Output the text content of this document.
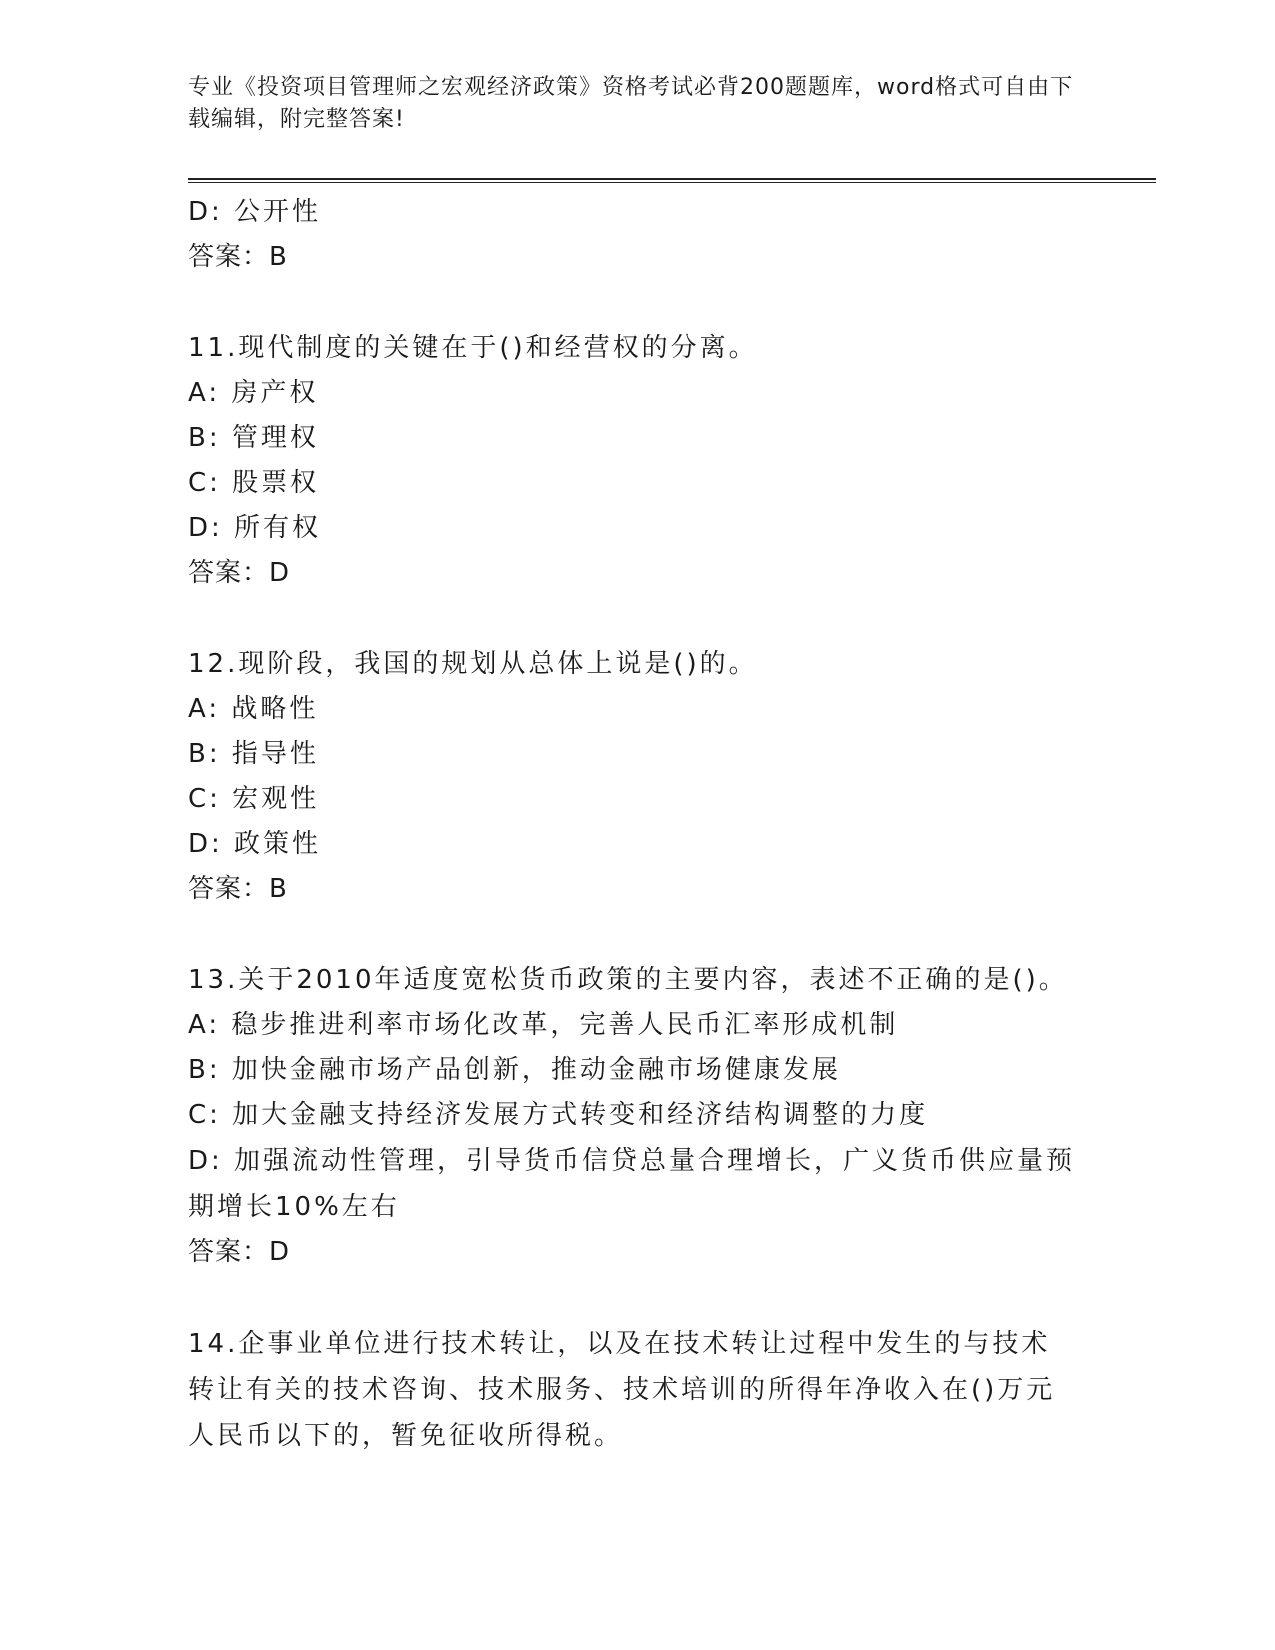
专业《投资项目管理师之宏观经济政策》资格考试必背200题题库，word格式可自由下载编辑，附完整答案!
D: 公开性
答案：B
11.现代制度的关键在于()和经营权的分离。
A: 房产权
B: 管理权
C: 股票权
D: 所有权
答案：D
12.现阶段，我国的规划从总体上说是()的。
A: 战略性
B: 指导性
C: 宏观性
D: 政策性
答案：B
13.关于2010年适度宽松货币政策的主要内容，表述不正确的是()。
A: 稳步推进利率市场化改革，完善人民币汇率形成机制
B: 加快金融市场产品创新，推动金融市场健康发展
C: 加大金融支持经济发展方式转变和经济结构调整的力度
D: 加强流动性管理，引导货币信贷总量合理增长，广义货币供应量预期增长10%左右
答案：D
14.企事业单位进行技术转让，以及在技术转让过程中发生的与技术转让有关的技术咨询、技术服务、技术培训的所得年净收入在()万元人民币以下的，暂免征收所得税。
